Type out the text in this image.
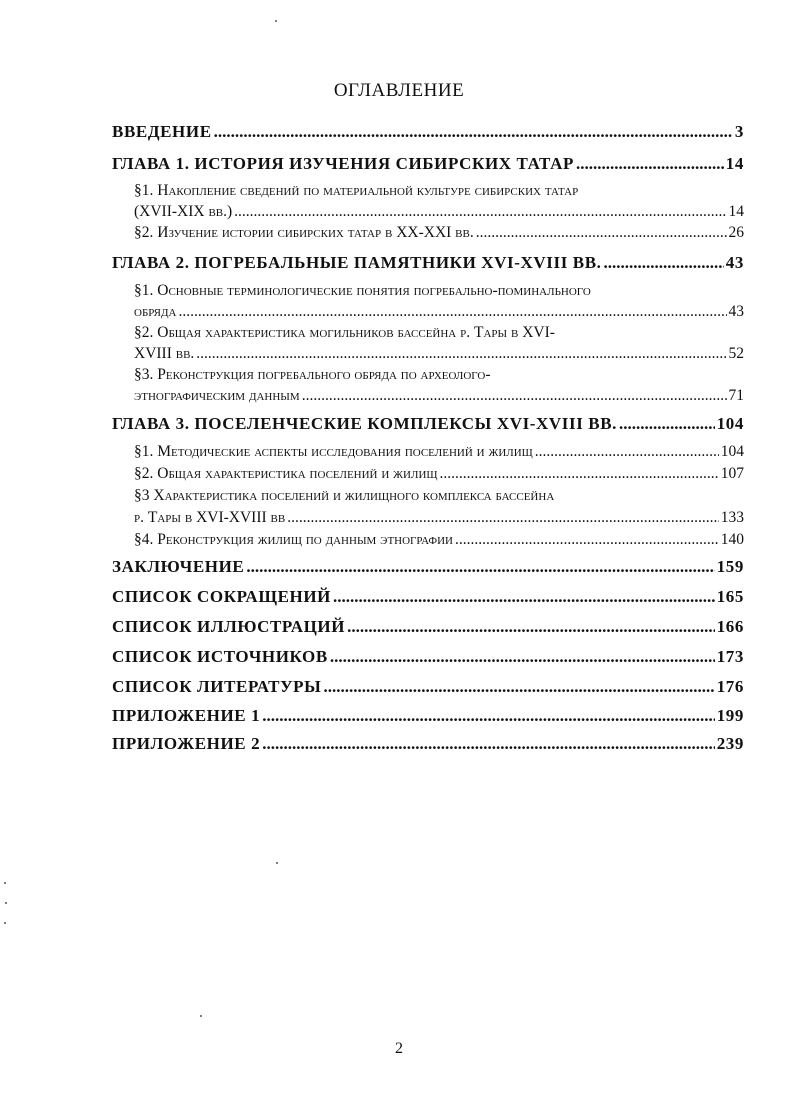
ОГЛАВЛЕНИЕ
ВВЕДЕНИЕ .....	3
ГЛАВА 1. ИСТОРИЯ ИЗУЧЕНИЯ СИБИРСКИХ ТАТАР .....	14
§1. Накопление сведений по материальной культуре сибирских татар
(XVII-XIX вв.) .....	14
§2. Изучение истории сибирских татар в XX-XXI вв. .....	26
ГЛАВА 2. ПОГРЕБАЛЬНЫЕ ПАМЯТНИКИ XVI-XVIII ВВ. .....	43
§1. Основные терминологические понятия погребально-поминального
обряда .....	43
§2. Общая характеристика могильников бассейна р. Тары в XVI-
XVIII вв. .....	52
§3. Реконструкция погребального обряда по археолого-
этнографическим данным .....	71
ГЛАВА 3. ПОСЕЛЕНЧЕСКИЕ КОМПЛЕКСЫ XVI-XVIII ВВ. .....	104
§1. Методические аспекты исследования поселений и жилищ .....	104
§2. Общая характеристика поселений и жилищ .....	107
§3 Характеристика поселений и жилищного комплекса бассейна
р. Тары в XVI-XVIII вв .....	133
§4. Реконструкция жилищ по данным этнографии .....	140
ЗАКЛЮЧЕНИЕ .....	159
СПИСОК СОКРАЩЕНИЙ .....	165
СПИСОК ИЛЛЮСТРАЦИЙ .....	166
СПИСОК ИСТОЧНИКОВ .....	173
СПИСОК ЛИТЕРАТУРЫ .....	176
ПРИЛОЖЕНИЕ 1 .....	199
ПРИЛОЖЕНИЕ 2 .....	239
2
